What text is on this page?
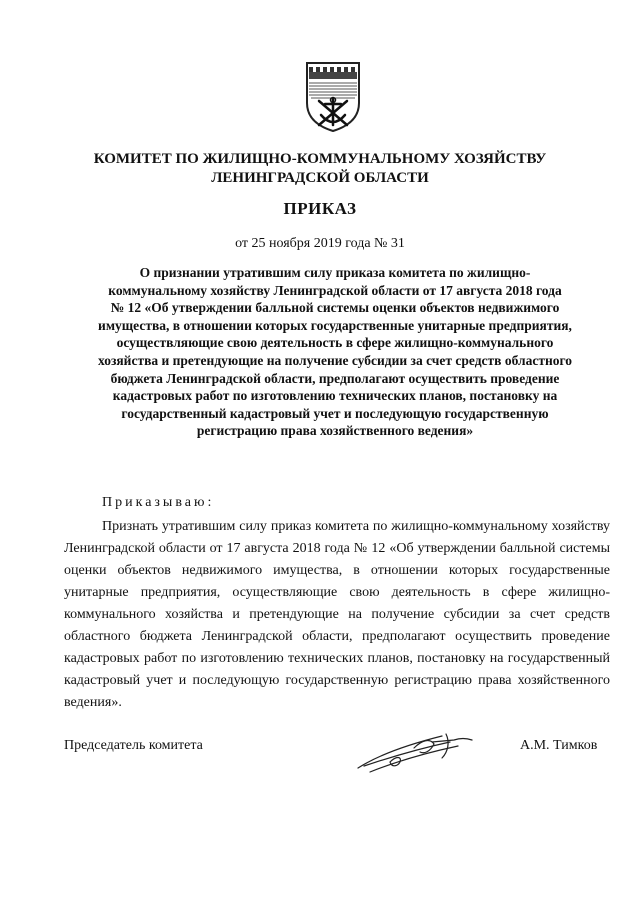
КОМИТЕТ ПО ЖИЛИЩНО-КОММУНАЛЬНОМУ ХОЗЯЙСТВУ
ЛЕНИНГРАДСКОЙ ОБЛАСТИ
ПРИКАЗ
от 25 ноября 2019 года № 31
О признании утратившим силу приказа комитета по жилищно-
коммунальному хозяйству Ленинградской области от 17 августа 2018 года
№ 12 «Об утверждении балльной системы оценки объектов недвижимого
имущества, в отношении которых государственные унитарные предприятия,
осуществляющие свою деятельность в сфере жилищно-коммунального
хозяйства и претендующие на получение субсидии за счет средств областного
бюджета Ленинградской области, предполагают осуществить проведение
кадастровых работ по изготовлению технических планов, постановку на
государственный кадастровый учет и последующую государственную
регистрацию права хозяйственного ведения»
Приказываю:
Признать утратившим силу приказ комитета по жилищно-коммунальному хозяйству Ленинградской области от 17 августа 2018 года № 12 «Об утверждении балльной системы оценки объектов недвижимого имущества, в отношении которых государственные унитарные предприятия, осуществляющие свою деятельность в сфере жилищно-коммунального хозяйства и претендующие на получение субсидии за счет средств областного бюджета Ленинградской области, предполагают осуществить проведение кадастровых работ по изготовлению технических планов, постановку на государственный кадастровый учет и последующую государственную регистрацию права хозяйственного ведения».
Председатель комитета	А.М. Тимков
